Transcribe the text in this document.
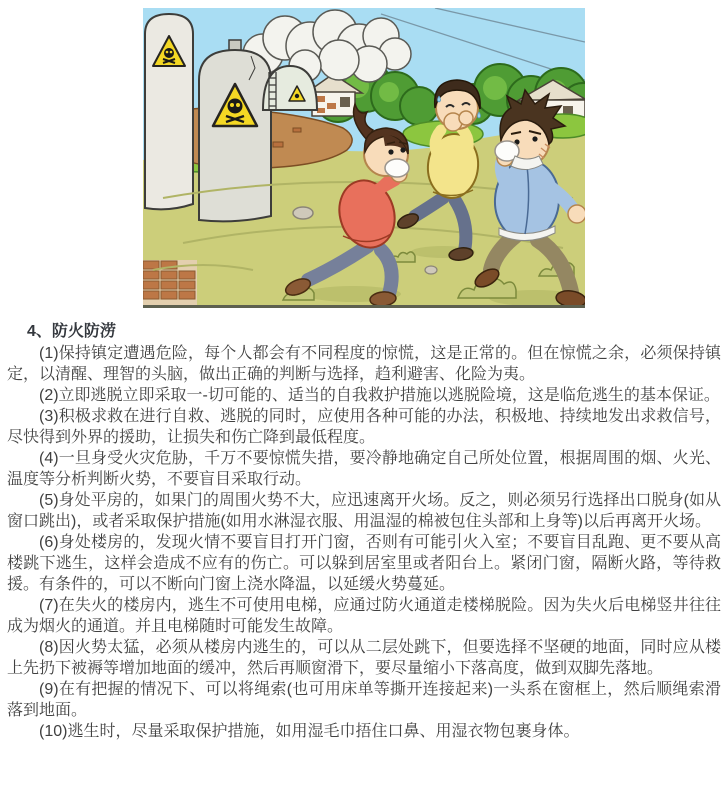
4、防火防涝

(1)保持镇定遭遇危险，每个人都会有不同程度的惊慌，这是正常的。但在惊慌之余，必须保持镇定，以清醒、理智的头脑，做出正确的判断与选择，趋利避害、化险为夷。

(2)立即逃脱立即采取一-切可能的、适当的自我救护措施以逃脱险境，这是临危逃生的基本保证。

(3)积极求救在进行自救、逃脱的同时，应使用各种可能的办法，积极地、持续地发出求救信号，尽快得到外界的援助，让损失和伤亡降到最低程度。

(4)一旦身受火灾危胁，千万不要惊慌失措，要冷静地确定自己所处位置，根据周围的烟、火光、温度等分析判断火势，不要盲目采取行动。

(5)身处平房的，如果门的周围火势不大，应迅速离开火场。反之，则必须另行选择出口脱身(如从窗口跳出)，或者采取保护措施(如用水淋湿衣服、用温湿的棉被包住头部和上身等)以后再离开火场。

(6)身处楼房的，发现火情不要盲目打开门窗，否则有可能引火入室；不要盲目乱跑、更不要从高楼跳下逃生，这样会造成不应有的伤亡。可以躲到居室里或者阳台上。紧闭门窗，隔断火路，等待救援。有条件的，可以不断向门窗上浇水降温，以延缓火势蔓延。

(7)在失火的楼房内，逃生不可使用电梯，应通过防火通道走楼梯脱险。因为失火后电梯竖井往往成为烟火的通道。并且电梯随时可能发生故障。

(8)因火势太猛，必须从楼房内逃生的，可以从二层处跳下，但要选择不坚硬的地面，同时应从楼上先扔下被褥等增加地面的缓冲，然后再顺窗滑下，要尽量缩小下落高度，做到双脚先落地。

(9)在有把握的情况下、可以将绳索(也可用床单等撕开连接起来)一头系在窗框上，然后顺绳索滑落到地面。

(10)逃生时，尽量采取保护措施，如用湿毛巾捂住口鼻、用湿衣物包裹身体。
